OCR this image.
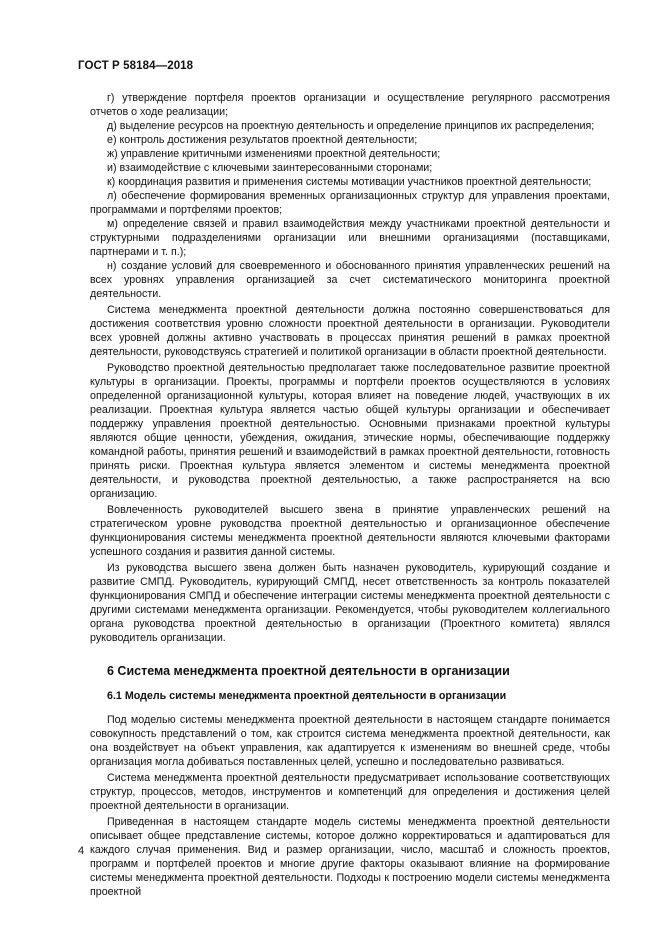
ГОСТ Р 58184—2018

г) утверждение портфеля проектов организации и осуществление регулярного рассмотрения отчетов о ходе реализации;

д) выделение ресурсов на проектную деятельность и определение принципов их распределения;

е) контроль достижения результатов проектной деятельности;

ж) управление критичными изменениями проектной деятельности;

и) взаимодействие с ключевыми заинтересованными сторонами;

к) координация развития и применения системы мотивации участников проектной деятельности;

л) обеспечение формирования временных организационных структур для управления проектами, программами и портфелями проектов;

м) определение связей и правил взаимодействия между участниками проектной деятельности и структурными подразделениями организации или внешними организациями (поставщиками, партнерами и т. п.);

н) создание условий для своевременного и обоснованного принятия управленческих решений на всех уровнях управления организацией за счет систематического мониторинга проектной деятельности.

Система менеджмента проектной деятельности должна постоянно совершенствоваться для достижения соответствия уровню сложности проектной деятельности в организации. Руководители всех уровней должны активно участвовать в процессах принятия решений в рамках проектной деятельности, руководствуясь стратегией и политикой организации в области проектной деятельности.

Руководство проектной деятельностью предполагает также последовательное развитие проектной культуры в организации. Проекты, программы и портфели проектов осуществляются в условиях определенной организационной культуры, которая влияет на поведение людей, участвующих в их реализации. Проектная культура является частью общей культуры организации и обеспечивает поддержку управления проектной деятельностью. Основными признаками проектной культуры являются общие ценности, убеждения, ожидания, этические нормы, обеспечивающие поддержку командной работы, принятия решений и взаимодействий в рамках проектной деятельности, готовность принять риски. Проектная культура является элементом и системы менеджмента проектной деятельности, и руководства проектной деятельностью, а также распространяется на всю организацию.

Вовлеченность руководителей высшего звена в принятие управленческих решений на стратегическом уровне руководства проектной деятельностью и организационное обеспечение функционирования системы менеджмента проектной деятельности являются ключевыми факторами успешного создания и развития данной системы.

Из руководства высшего звена должен быть назначен руководитель, курирующий создание и развитие СМПД. Руководитель, курирующий СМПД, несет ответственность за контроль показателей функционирования СМПД и обеспечение интеграции системы менеджмента проектной деятельности с другими системами менеджмента организации. Рекомендуется, чтобы руководителем коллегиального органа руководства проектной деятельностью в организации (Проектного комитета) являлся руководитель организации.

6 Система менеджмента проектной деятельности в организации
6.1 Модель системы менеджмента проектной деятельности в организации

Под моделью системы менеджмента проектной деятельности в настоящем стандарте понимается совокупность представлений о том, как строится система менеджмента проектной деятельности, как она воздействует на объект управления, как адаптируется к изменениям во внешней среде, чтобы организация могла добиваться поставленных целей, успешно и последовательно развиваться.

Система менеджмента проектной деятельности предусматривает использование соответствующих структур, процессов, методов, инструментов и компетенций для определения и достижения целей проектной деятельности в организации.

Приведенная в настоящем стандарте модель системы менеджмента проектной деятельности описывает общее представление системы, которое должно корректироваться и адаптироваться для каждого случая применения. Вид и размер организации, число, масштаб и сложность проектов, программ и портфелей проектов и многие другие факторы оказывают влияние на формирование системы менеджмента проектной деятельности. Подходы к построению модели системы менеджмента проектной

4
